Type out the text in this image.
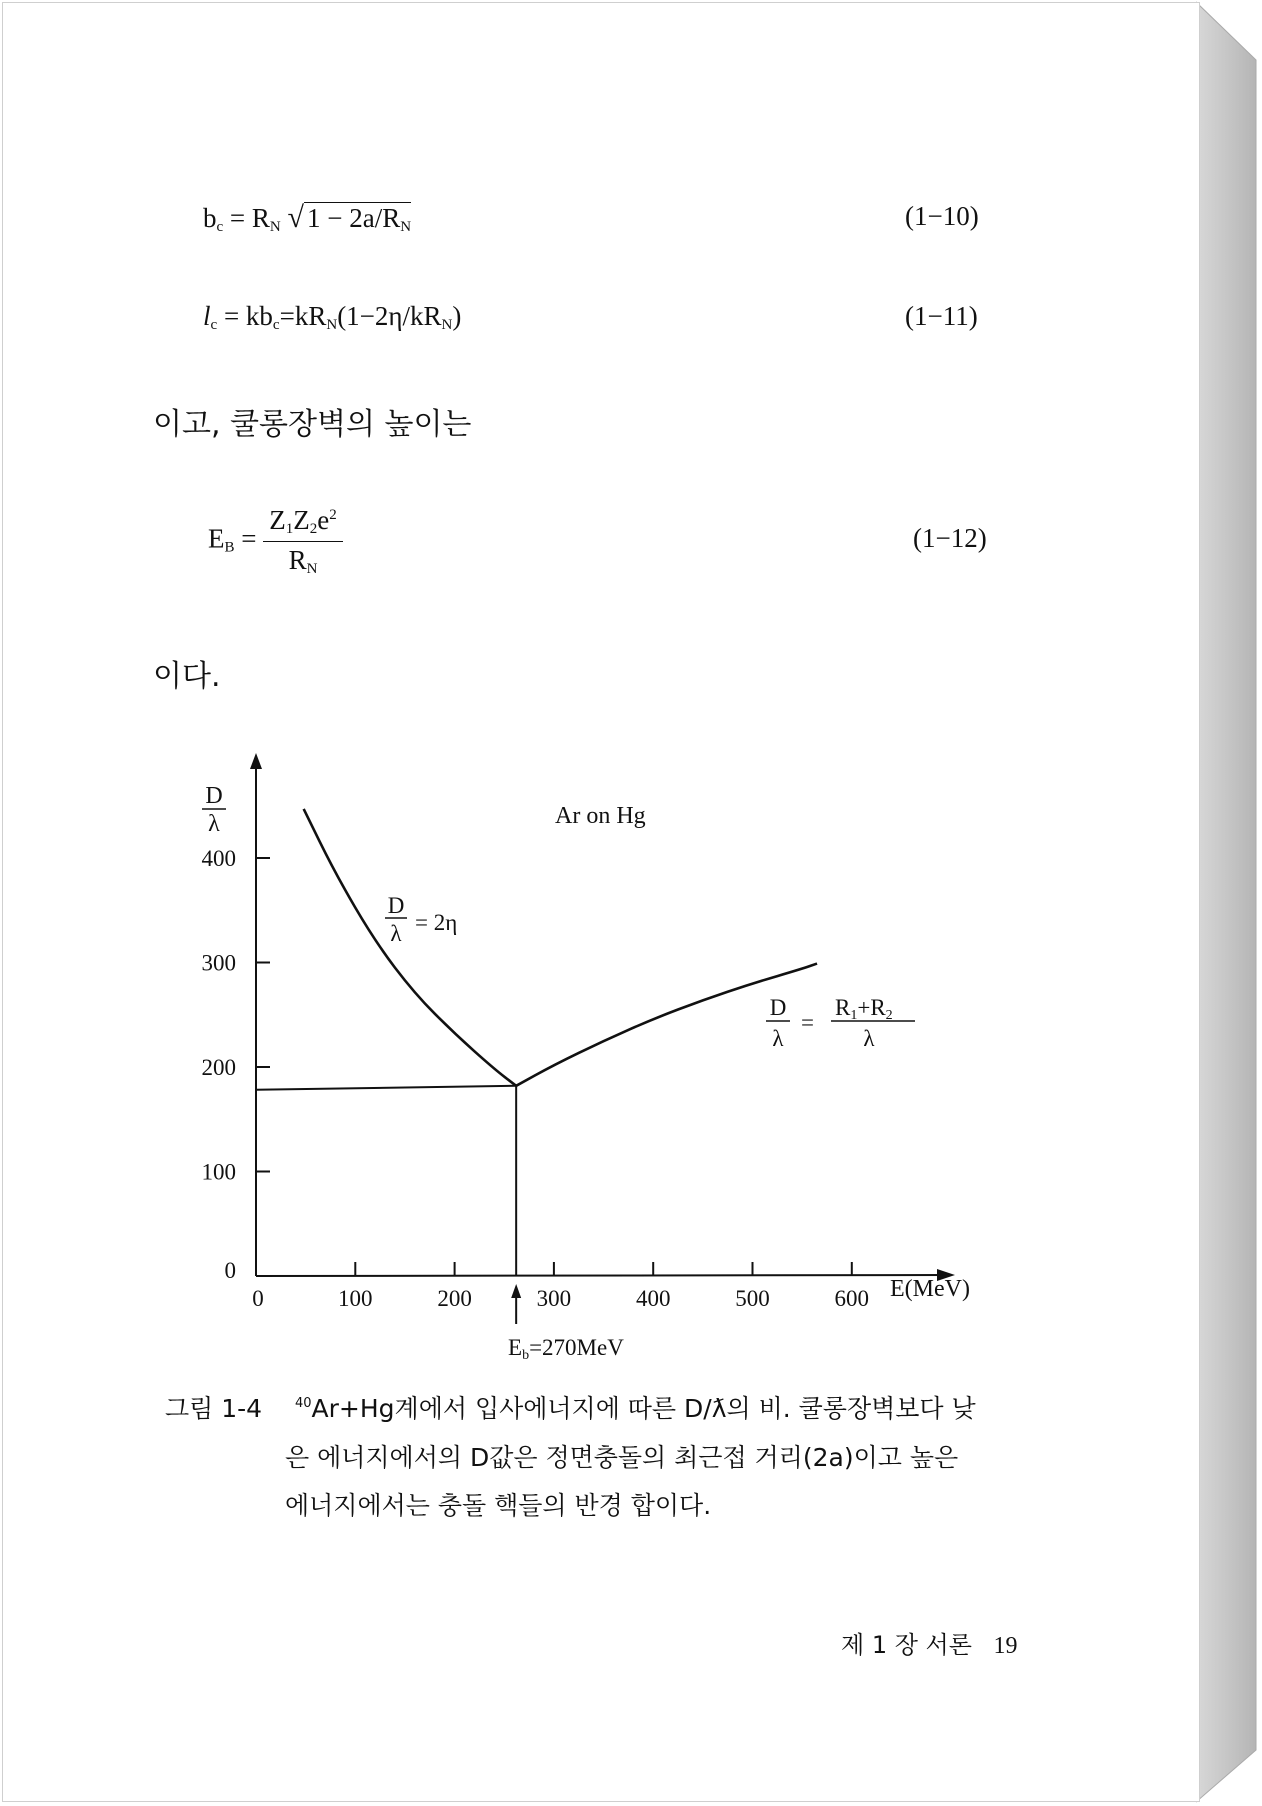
$b_c = R_N$ √ $1 - 2a/R_N$	(1−10)
$l_c = kb_c=kR_N(1-2\eta/kR_N)$	(1−11)
이고, 쿨롱장벽의 높이는
$E_B = \frac{Z_1Z_2e^2}{R_N}$	(1−12)
이다.
0
100
200
300
400
0	100	200	300	400	500	600
D
λ	Ar on Hg
D
λ = 2η
D
λ
=
R1+R2
λ
E(MeV)
Eb=270MeV
그림 1-4	$^{40}$Ar+Hg계에서 입사에너지에 따른 D/ƛ의 비. 쿨롱장벽보다 낮
은 에너지에서의 D값은 정면충돌의 최근접 거리(2a)이고 높은
에너지에서는 충돌 핵들의 반경 합이다.
제 1 장 서론 19
